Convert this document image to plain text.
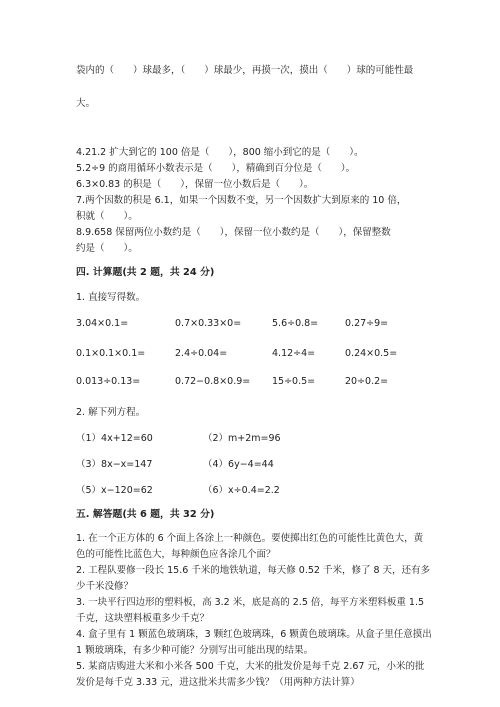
袋内的（　　）球最多，（　　）球最少，再摸一次，摸出（　　）球的可能性最
大。
4.21.2 扩大到它的 100 倍是（　　），800 缩小到它的是（　　）。
5.2÷9 的商用循环小数表示是（　　），精确到百分位是（　　）。
6.3×0.83 的积是（　　），保留一位小数后是（　　）。
7.两个因数的积是 6.1，如果一个因数不变，另一个因数扩大到原来的 10 倍，
积就（　　）。
8.9.658 保留两位小数约是（　　），保留一位小数约是（　　），保留整数
约是（　　）。
四. 计算题(共 2 题，共 24 分)
1. 直接写得数。
3.04×0.1=	0.7×0.33×0=	5.6÷0.8=	0.27÷9=
0.1×0.1×0.1=	2.4÷0.04=	4.12÷4=	0.24×0.5=
0.013÷0.13=	0.72−0.8×0.9= 15÷0.5=	20÷0.2=
2. 解下列方程。
（1）4x+12=60	（2）m+2m=96
（3）8x−x=147	（4）6y−4=44
（5）x−120=62	（6）x÷0.4=2.2
五. 解答题(共 6 题，共 32 分)
1. 在一个正方体的 6 个面上各涂上一种颜色。要使掷出红色的可能性比黄色大，黄色的可能性比蓝色大，每种颜色应各涂几个面？
2. 工程队要修一段长 15.6 千米的地铁轨道，每天修 0.52 千米，修了 8 天，还有多少千米没修？
3. 一块平行四边形的塑料板，高 3.2 米，底是高的 2.5 倍，每平方米塑料板重 1.5 千克，这块塑料板重多少千克？
4. 盒子里有 1 颗蓝色玻璃珠，3 颗红色玻璃珠，6 颗黄色玻璃珠。从盒子里任意摸出 1 颗玻璃珠，有多少种可能？分别写出可能出现的结果。
5. 某商店购进大米和小米各 500 千克，大米的批发价是每千克 2.67 元，小米的批发价是每千克 3.33 元，进这批米共需多少钱？（用两种方法计算）
